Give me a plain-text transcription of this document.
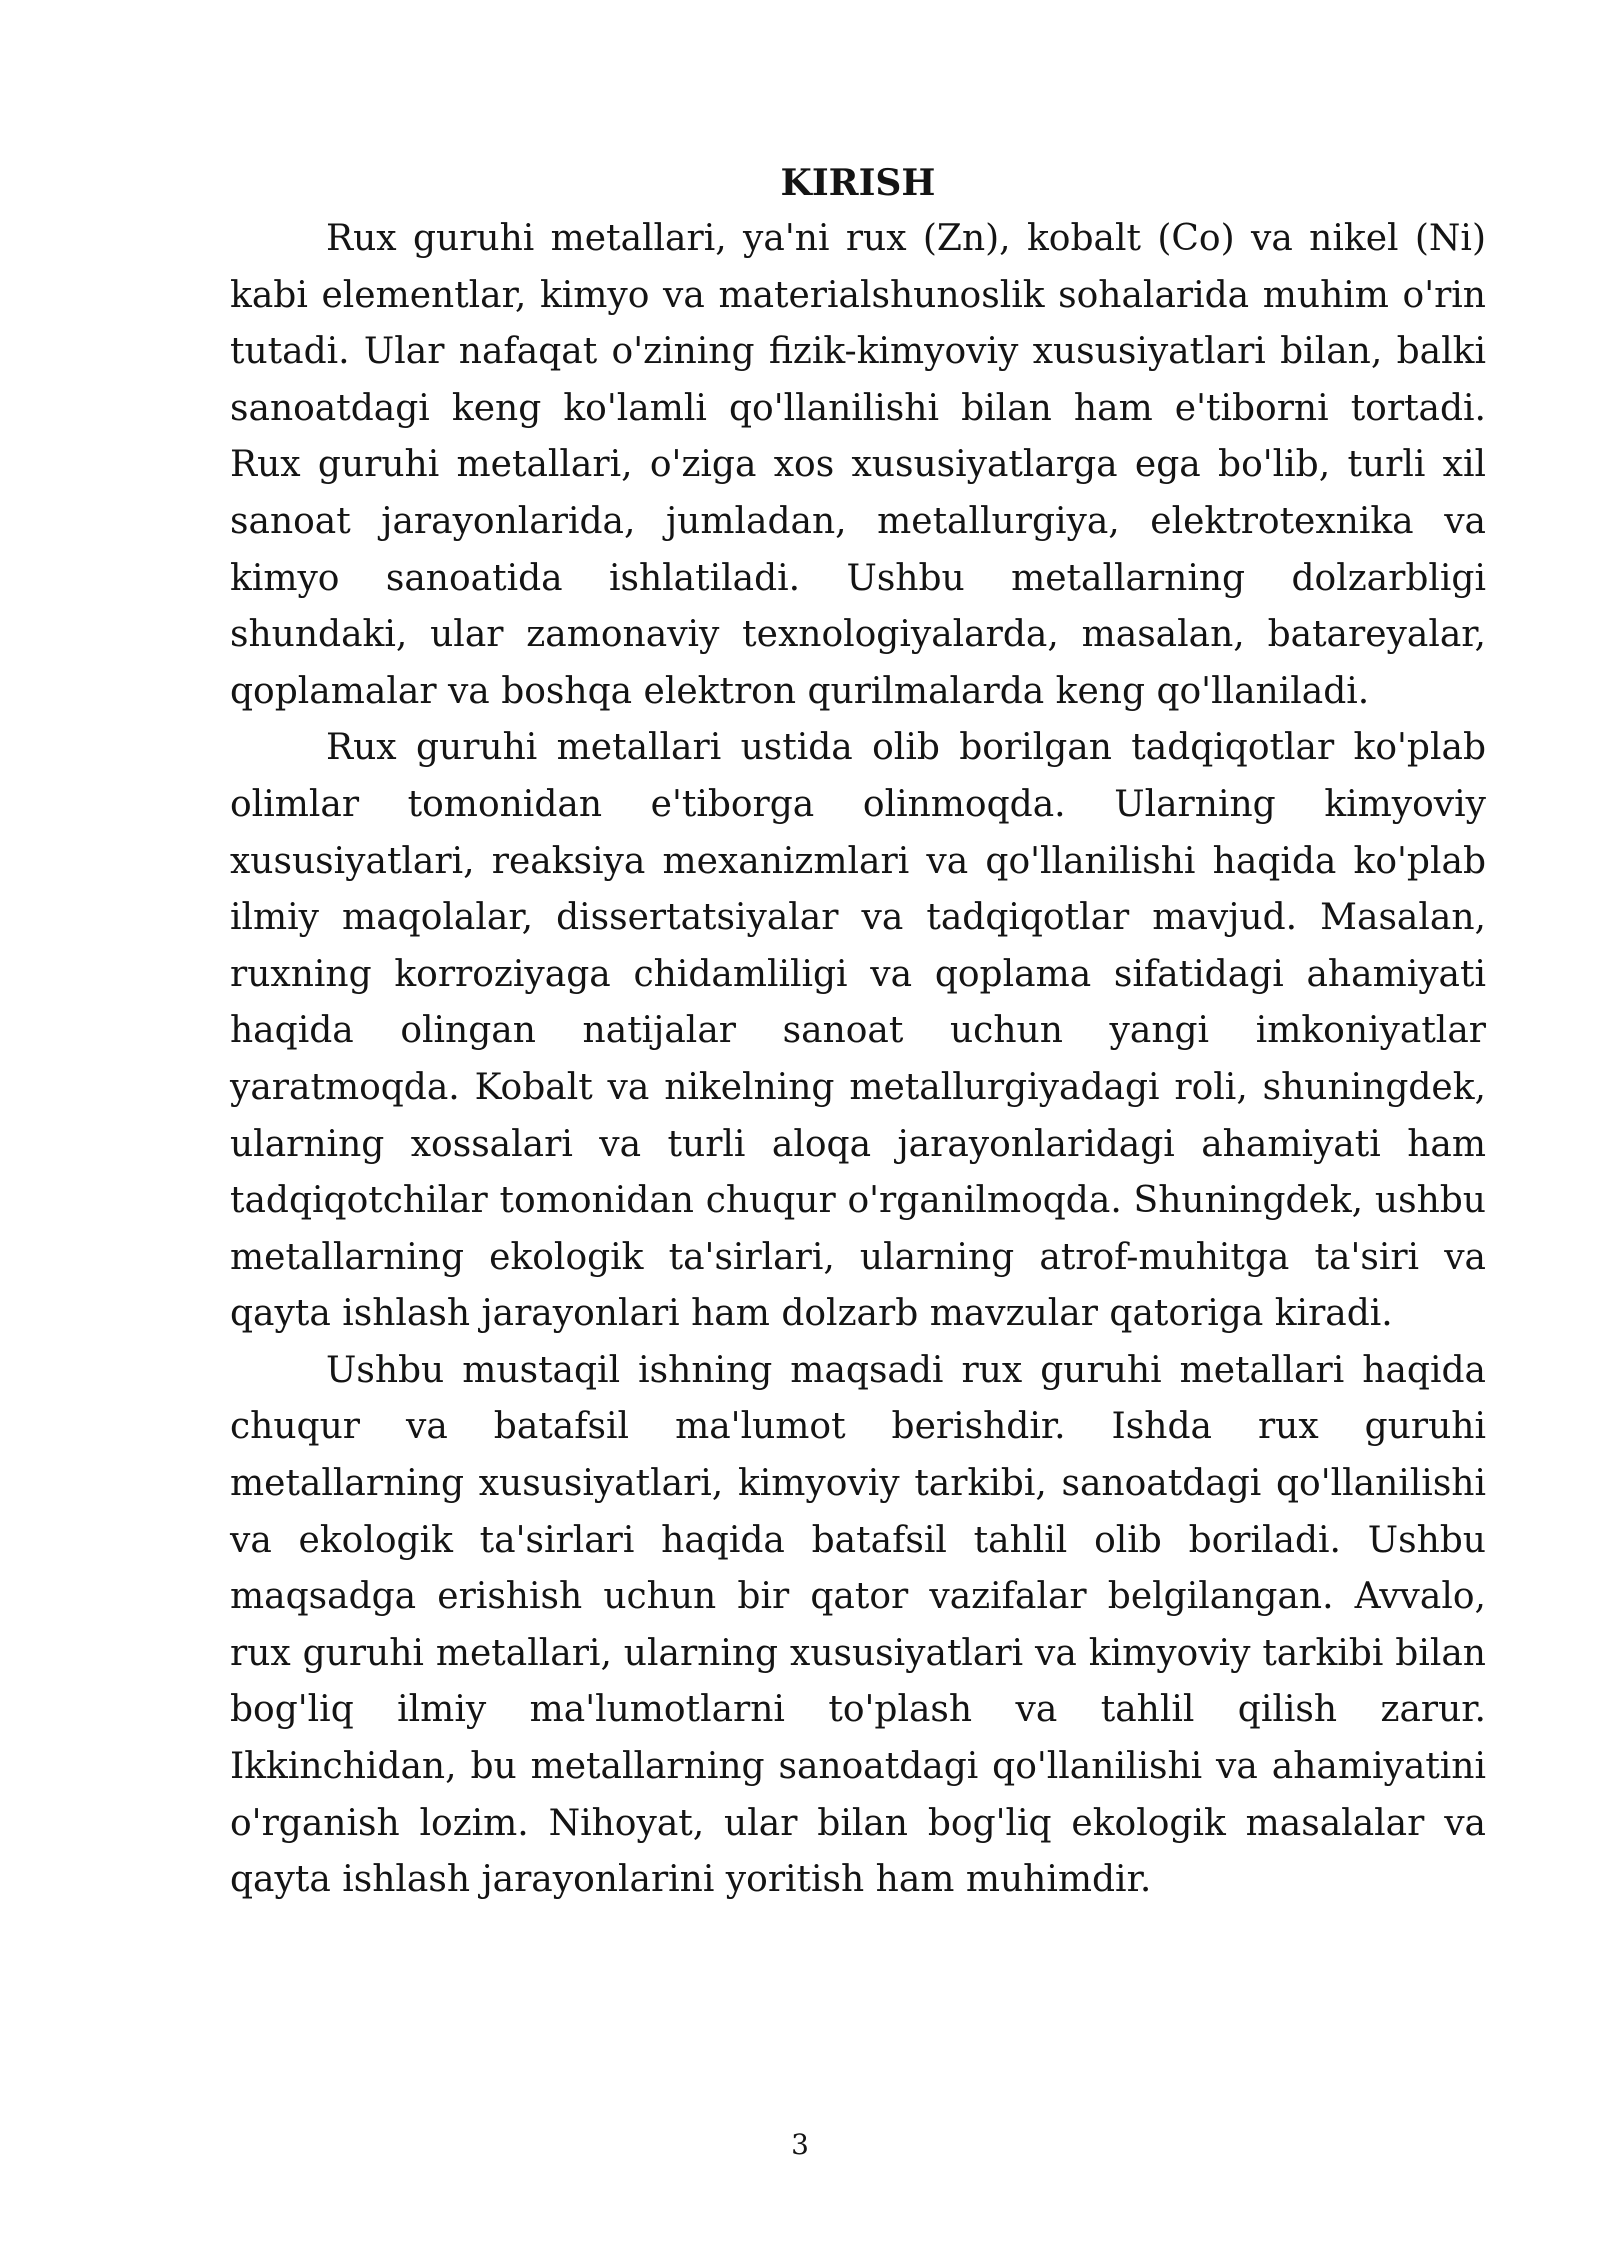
KIRISH

Rux guruhi metallari, ya'ni rux (Zn), kobalt (Co) va nikel (Ni) kabi elementlar, kimyo va materialshunoslik sohalarida muhim o'rin tutadi. Ular nafaqat o'zining fizik-kimyoviy xususiyatlari bilan, balki sanoatdagi keng ko'lamli qo'llanilishi bilan ham e'tiborni tortadi. Rux guruhi metallari, o'ziga xos xususiyatlarga ega bo'lib, turli xil sanoat jarayonlarida, jumladan, metallurgiya, elektrotexnika va kimyo sanoatida ishlatiladi. Ushbu metallarning dolzarbligi shundaki, ular zamonaviy texnologiyalarda, masalan, batareyalar, qoplamalar va boshqa elektron qurilmalarda keng qo'llaniladi.

Rux guruhi metallari ustida olib borilgan tadqiqotlar ko'plab olimlar tomonidan e'tiborga olinmoqda. Ularning kimyoviy xususiyatlari, reaksiya mexanizmlari va qo'llanilishi haqida ko'plab ilmiy maqolalar, dissertatsiyalar va tadqiqotlar mavjud. Masalan, ruxning korroziyaga chidamliligi va qoplama sifatidagi ahamiyati haqida olingan natijalar sanoat uchun yangi imkoniyatlar yaratmoqda. Kobalt va nikelning metallurgiyadagi roli, shuningdek, ularning xossalari va turli aloqa jarayonlaridagi ahamiyati ham tadqiqotchilar tomonidan chuqur o'rganilmoqda. Shuningdek, ushbu metallarning ekologik ta'sirlari, ularning atrof-muhitga ta'siri va qayta ishlash jarayonlari ham dolzarb mavzular qatoriga kiradi.

Ushbu mustaqil ishning maqsadi rux guruhi metallari haqida chuqur va batafsil ma'lumot berishdir. Ishda rux guruhi metallarning xususiyatlari, kimyoviy tarkibi, sanoatdagi qo'llanilishi va ekologik ta'sirlari haqida batafsil tahlil olib boriladi. Ushbu maqsadga erishish uchun bir qator vazifalar belgilangan. Avvalo, rux guruhi metallari, ularning xususiyatlari va kimyoviy tarkibi bilan bog'liq ilmiy ma'lumotlarni to'plash va tahlil qilish zarur. Ikkinchidan, bu metallarning sanoatdagi qo'llanilishi va ahamiyatini o'rganish lozim. Nihoyat, ular bilan bog'liq ekologik masalalar va qayta ishlash jarayonlarini yoritish ham muhimdir.

3
